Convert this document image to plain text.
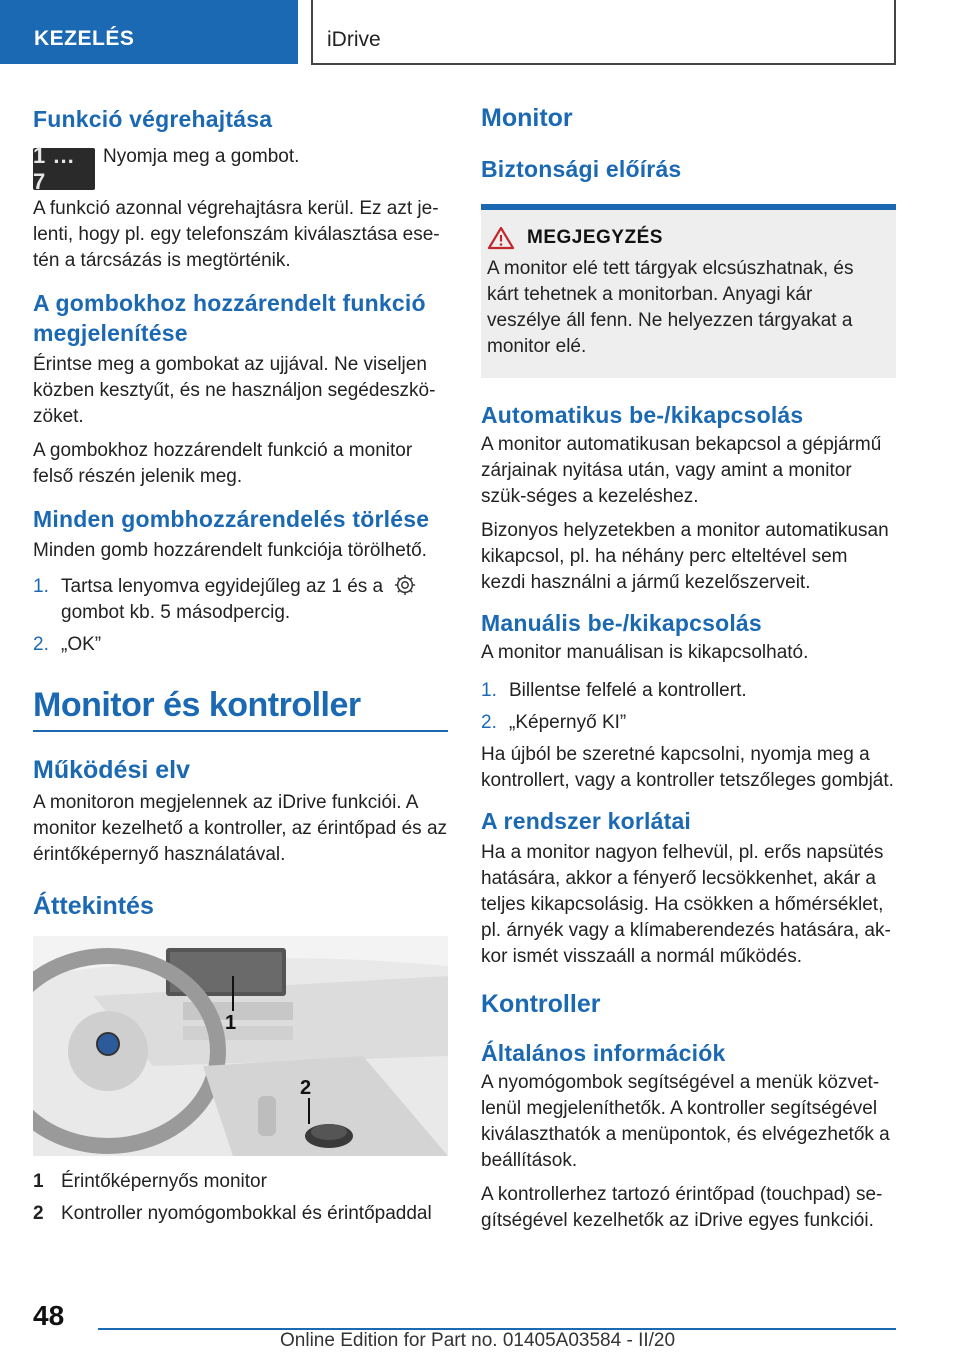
KEZELÉS	iDrive
Funkció végrehajtása
1 ... 7

Nyomja meg a gombot.

A funkció azonnal végrehajtásra kerül. Ez azt je-lenti, hogy pl. egy telefonszám kiválasztása ese-tén a tárcsázás is megtörténik.

A gombokhoz hozzárendelt funkció megjelenítése

Érintse meg a gombokat az ujjával. Ne viseljen közben kesztyűt, és ne használjon segédeszkö-zöket.

A gombokhoz hozzárendelt funkció a monitor felső részén jelenik meg.

Minden gombhozzárendelés törlése

Minden gomb hozzárendelt funkciója törölhető.

1. Tartsa lenyomva egyidejűleg az 1 és a
gombot kb. 5 másodpercig.
2. „OK”
Monitor és kontroller
Működési elv

A monitoron megjelennek az iDrive funkciói. A monitor kezelhető a kontroller, az érintőpad és az érintőképernyő használatával.

Áttekintés
1
2
1 Érintőképernyős monitor
2 Kontroller nyomógombokkal és érintőpaddal
Monitor
Biztonsági előírás
MEGJEGYZÉS

A monitor elé tett tárgyak elcsúszhatnak, és kárt tehetnek a monitorban. Anyagi kár veszélye áll fenn. Ne helyezzen tárgyakat a monitor elé.

Automatikus be-/kikapcsolás

A monitor automatikusan bekapcsol a gépjármű zárjainak nyitása után, vagy amint a monitor szük-séges a kezeléshez.

Bizonyos helyzetekben a monitor automatikusan kikapcsol, pl. ha néhány perc elteltével sem kezdi használni a jármű kezelőszerveit.

Manuális be-/kikapcsolás

A monitor manuálisan is kikapcsolható.

1. Billentse felfelé a kontrollert.
2. „Képernyő KI”

Ha újból be szeretné kapcsolni, nyomja meg a kontrollert, vagy a kontroller tetszőleges gombját.

A rendszer korlátai

Ha a monitor nagyon felhevül, pl. erős napsütés hatására, akkor a fényerő lecsökkenhet, akár a teljes kikapcsolásig. Ha csökken a hőmérséklet, pl. árnyék vagy a klímaberendezés hatására, ak-kor ismét visszaáll a normál működés.

Kontroller
Általános információk

A nyomógombok segítségével a menük közvet-lenül megjeleníthetők. A kontroller segítségével kiválaszthatók a menüpontok, és elvégezhetők a beállítások.

A kontrollerhez tartozó érintőpad (touchpad) se-gítségével kezelhetők az iDrive egyes funkciói.

48
Online Edition for Part no. 01405A03584 - II/20
